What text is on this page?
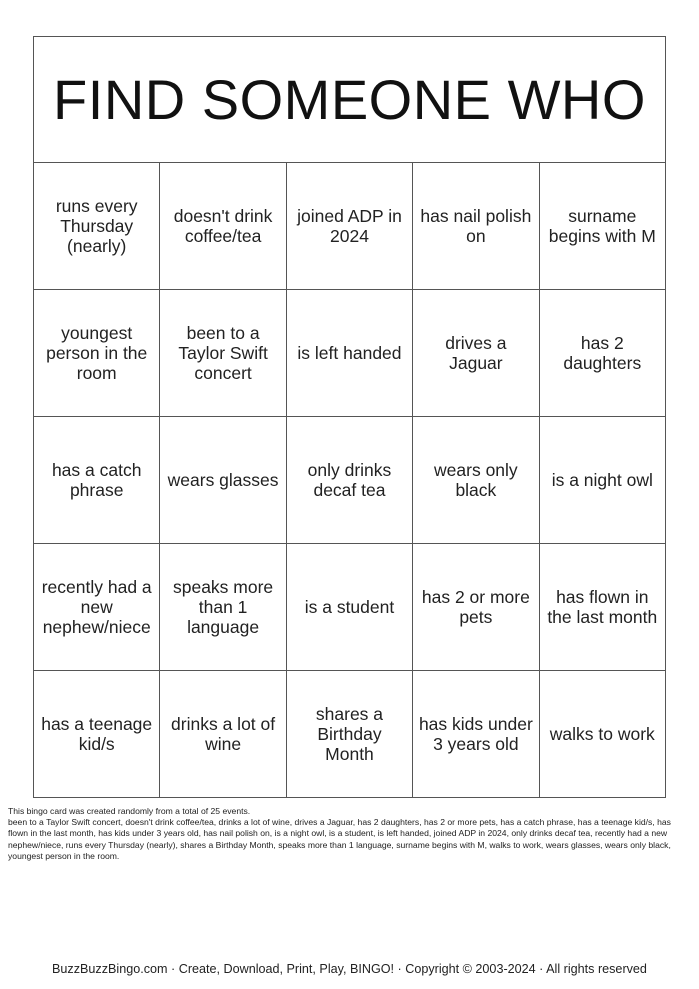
FIND SOMEONE WHO				
runs every Thursday (nearly)	doesn't drink coffee/tea	joined ADP in 2024	has nail polish on	surname begins with M
youngest person in the room	been to a Taylor Swift concert	is left handed	drives a Jaguar	has 2 daughters
has a catch phrase	wears glasses	only drinks decaf tea	wears only black	is a night owl
recently had a new nephew/niece	speaks more than 1 language	is a student	has 2 or more pets	has flown in the last month
has a teenage kid/s	drinks a lot of wine	shares a Birthday Month	has kids under 3 years old	walks to work

This bingo card was created randomly from a total of 25 events.

been to a Taylor Swift concert, doesn't drink coffee/tea, drinks a lot of wine, drives a Jaguar, has 2 daughters, has 2 or more pets, has a catch phrase, has a teenage kid/s, has flown in the last month, has kids under 3 years old, has nail polish on, is a night owl, is a student, is left handed, joined ADP in 2024, only drinks decaf tea, recently had a new nephew/niece, runs every Thursday (nearly), shares a Birthday Month, speaks more than 1 language, surname begins with M, walks to work, wears glasses, wears only black, youngest person in the room.

BuzzBuzzBingo.com · Create, Download, Print, Play, BINGO! · Copyright © 2003-2024 · All rights reserved
